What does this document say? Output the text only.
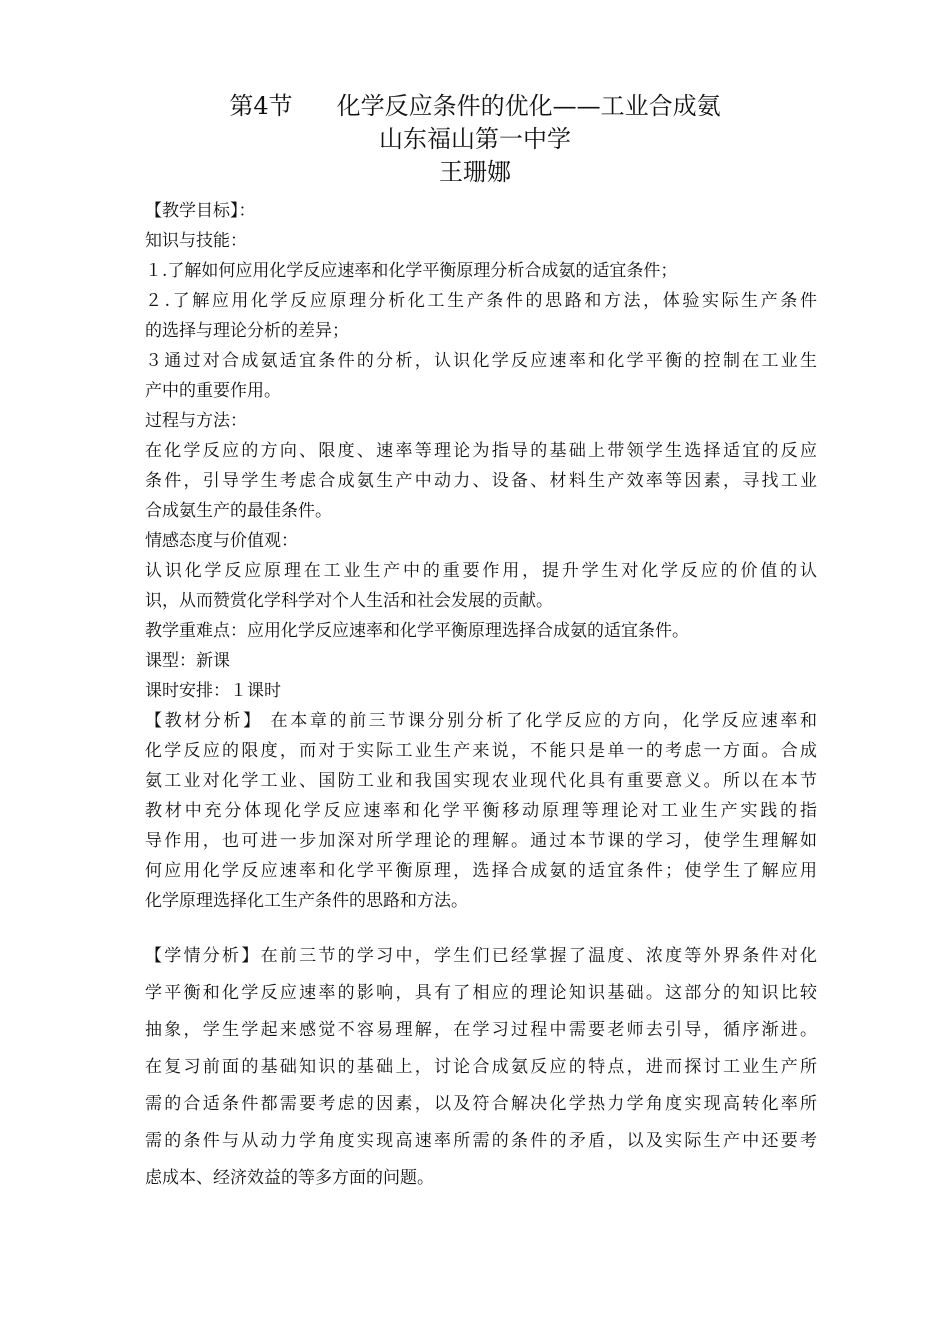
第4节 化学反应条件的优化——工业合成氨
山东福山第一中学
王珊娜
【教学目标】：
知识与技能：
１.了解如何应用化学反应速率和化学平衡原理分析合成氨的适宜条件；
２.了解应用化学反应原理分析化工生产条件的思路和方法，体验实际生产条件
的选择与理论分析的差异；
３通过对合成氨适宜条件的分析，认识化学反应速率和化学平衡的控制在工业生
产中的重要作用。
过程与方法：
在化学反应的方向、限度、速率等理论为指导的基础上带领学生选择适宜的反应
条件，引导学生考虑合成氨生产中动力、设备、材料生产效率等因素，寻找工业
合成氨生产的最佳条件。
情感态度与价值观：
认识化学反应原理在工业生产中的重要作用，提升学生对化学反应的价值的认
识，从而赞赏化学科学对个人生活和社会发展的贡献。
教学重难点：应用化学反应速率和化学平衡原理选择合成氨的适宜条件。
课型：新课
课时安排：１课时
【教材分析】 在本章的前三节课分别分析了化学反应的方向，化学反应速率和
化学反应的限度，而对于实际工业生产来说，不能只是单一的考虑一方面。合成
氨工业对化学工业、国防工业和我国实现农业现代化具有重要意义。所以在本节
教材中充分体现化学反应速率和化学平衡移动原理等理论对工业生产实践的指
导作用，也可进一步加深对所学理论的理解。通过本节课的学习，使学生理解如
何应用化学反应速率和化学平衡原理，选择合成氨的适宜条件；使学生了解应用
化学原理选择化工生产条件的思路和方法。
【学情分析】在前三节的学习中，学生们已经掌握了温度、浓度等外界条件对化
学平衡和化学反应速率的影响，具有了相应的理论知识基础。这部分的知识比较
抽象，学生学起来感觉不容易理解，在学习过程中需要老师去引导，循序渐进。
在复习前面的基础知识的基础上，讨论合成氨反应的特点，进而探讨工业生产所
需的合适条件都需要考虑的因素，以及符合解决化学热力学角度实现高转化率所
需的条件与从动力学角度实现高速率所需的条件的矛盾，以及实际生产中还要考
虑成本、经济效益的等多方面的问题。
